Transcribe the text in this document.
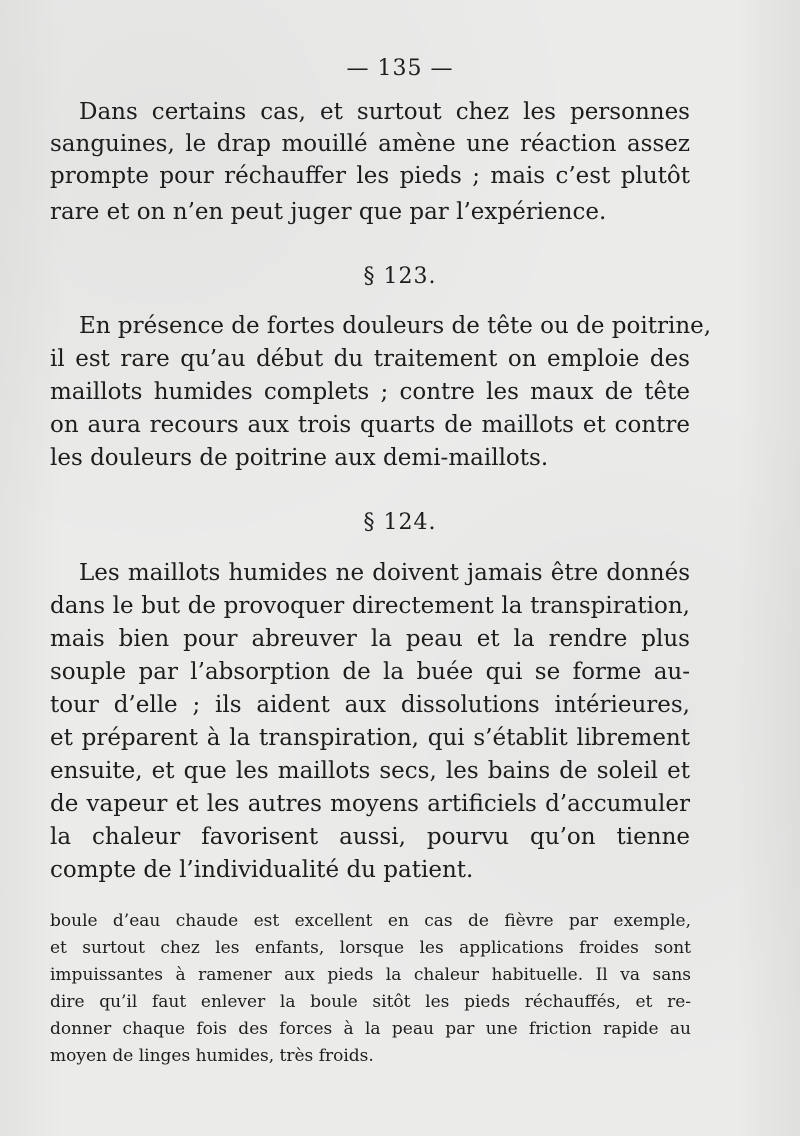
— 135 —
Dans certains cas, et surtout chez les personnes
sanguines, le drap mouillé amène une réaction assez
prompte pour réchauffer les pieds ; mais c’est plutôt
rare et on n’en peut juger que par l’expérience.
§ 123.
En présence de fortes douleurs de tête ou de poitrine,
il est rare qu’au début du traitement on emploie des
maillots humides complets ; contre les maux de tête
on aura recours aux trois quarts de maillots et contre
les douleurs de poitrine aux demi-maillots.
§ 124.
Les maillots humides ne doivent jamais être donnés
dans le but de provoquer directement la transpiration,
mais bien pour abreuver la peau et la rendre plus
souple par l’absorption de la buée qui se forme au-
tour d’elle ; ils aident aux dissolutions intérieures,
et préparent à la transpiration, qui s’établit librement
ensuite, et que les maillots secs, les bains de soleil et
de vapeur et les autres moyens artificiels d’accumuler
la chaleur favorisent aussi, pourvu qu’on tienne
compte de l’individualité du patient.
boule d’eau chaude est excellent en cas de fièvre par exemple,
et surtout chez les enfants, lorsque les applications froides sont
impuissantes à ramener aux pieds la chaleur habituelle. Il va sans
dire qu’il faut enlever la boule sitôt les pieds réchauffés, et re-
donner chaque fois des forces à la peau par une friction rapide au
moyen de linges humides, très froids.
